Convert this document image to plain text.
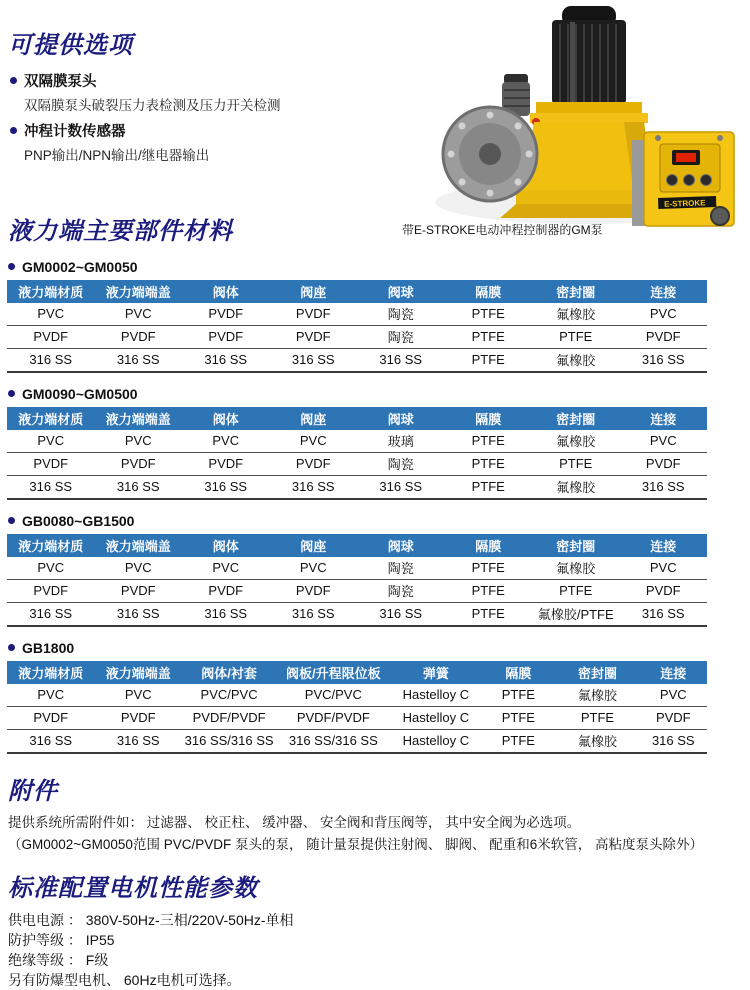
可提供选项
双隔膜泵头
双隔膜泵头破裂压力表检测及压力开关检测
冲程计数传感器
PNP输出/NPN输出/继电器输出
E-STROKE
带E-STROKE电动冲程控制器的GM泵
液力端主要部件材料
GM0002~GM0050
液力端材质	液力端端盖	阀体	阀座	阀球	隔膜	密封圈	连接
PVC	PVC	PVDF	PVDF	陶瓷	PTFE	氟橡胶	PVC
PVDF	PVDF	PVDF	PVDF	陶瓷	PTFE	PTFE	PVDF
316 SS	316 SS	316 SS	316 SS	316 SS	PTFE	氟橡胶	316 SS
GM0090~GM0500
液力端材质	液力端端盖	阀体	阀座	阀球	隔膜	密封圈	连接
PVC	PVC	PVC	PVC	玻璃	PTFE	氟橡胶	PVC
PVDF	PVDF	PVDF	PVDF	陶瓷	PTFE	PTFE	PVDF
316 SS	316 SS	316 SS	316 SS	316 SS	PTFE	氟橡胶	316 SS
GB0080~GB1500
液力端材质	液力端端盖	阀体	阀座	阀球	隔膜	密封圈	连接
PVC	PVC	PVC	PVC	陶瓷	PTFE	氟橡胶	PVC
PVDF	PVDF	PVDF	PVDF	陶瓷	PTFE	PTFE	PVDF
316 SS	316 SS	316 SS	316 SS	316 SS	PTFE	氟橡胶/PTFE	316 SS
GB1800
液力端材质	液力端端盖	阀体/衬套	阀板/升程限位板	弹簧	隔膜	密封圈	连接
PVC	PVC	PVC/PVC	PVC/PVC	Hastelloy C	PTFE	氟橡胶	PVC
PVDF	PVDF	PVDF/PVDF	PVDF/PVDF	Hastelloy C	PTFE	PTFE	PVDF
316 SS	316 SS	316 SS/316 SS	316 SS/316 SS	Hastelloy C	PTFE	氟橡胶	316 SS
附件
提供系统所需附件如： 过滤器、 校正柱、 缓冲器、 安全阀和背压阀等， 其中安全阀为必选项。
（GM0002~GM0050范围 PVC/PVDF 泵头的泵， 随计量泵提供注射阀、 脚阀、 配重和6米软管， 高粘度泵头除外）
标准配置电机性能参数
供电电源 ： 380V-50Hz-三相/220V-50Hz-单相
防护等级 ： IP55
绝缘等级 ： F级
另有防爆型电机、 60Hz电机可选择。
